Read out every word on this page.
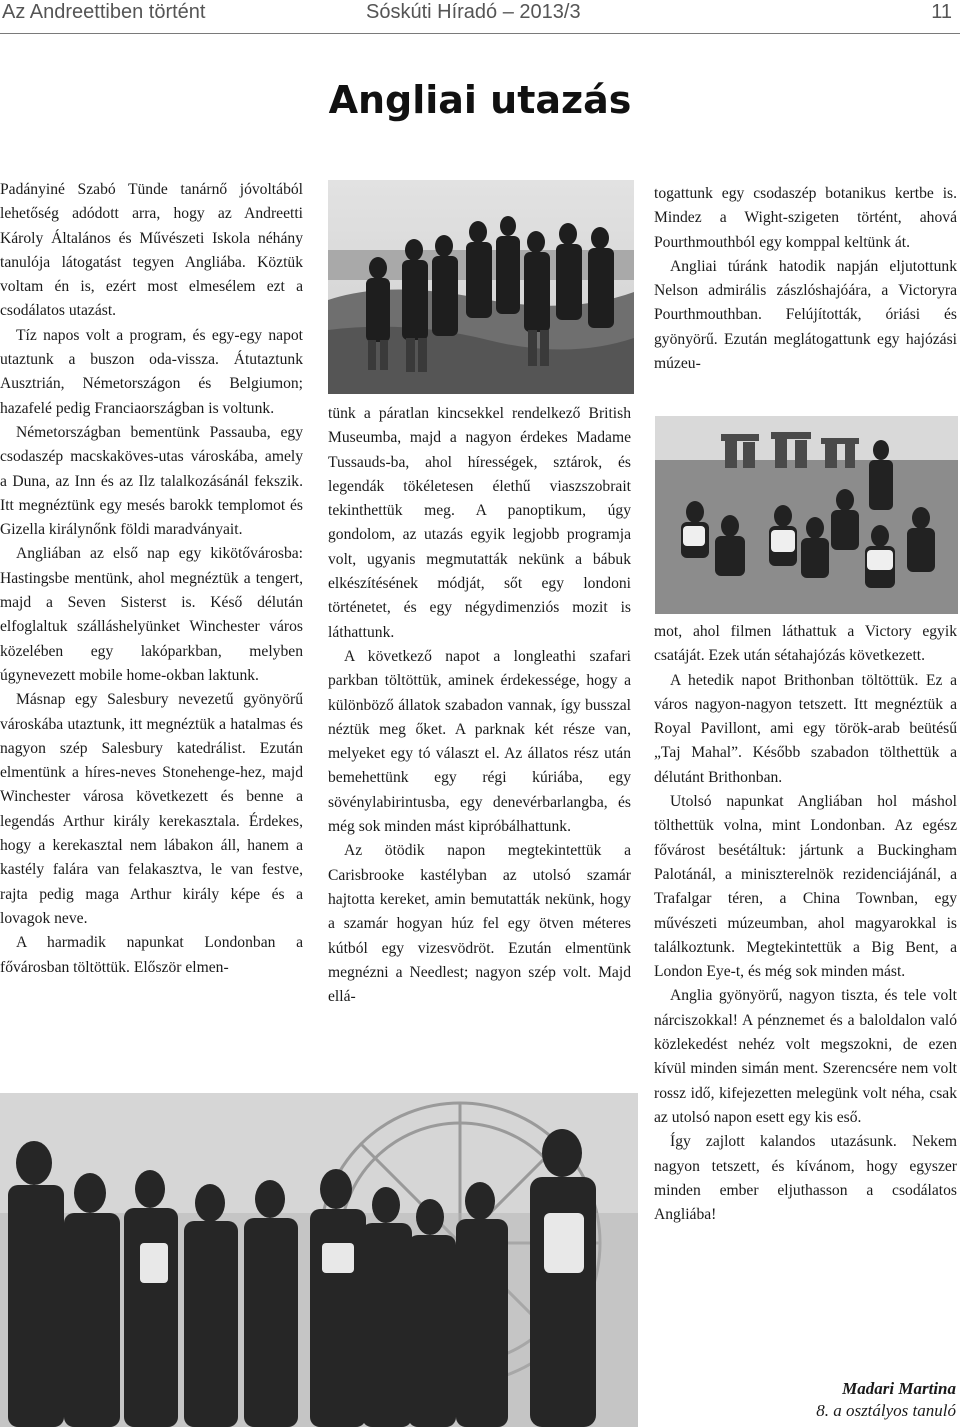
Az Andreettiben történt	Sóskúti Híradó – 2013/3	11
Angliai utazás

Padányiné Szabó Tünde tanárnő jóvoltából lehetőség adódott arra, hogy az Andreetti Károly Általános és Művészeti Iskola néhány tanulója látogatást tegyen Angliába. Köztük voltam én is, ezért most elmesélem ezt a csodálatos utazást.

Tíz napos volt a program, és egy-egy napot utaztunk a buszon oda-vissza. Átutaztunk Ausztrián, Németországon és Belgiumon; hazafelé pedig Franciaországban is voltunk.

Németországban bementünk Passauba, egy csodaszép macskaköves-utas városkába, amely a Duna, az Inn és az Ilz talalkozásánál fekszik. Itt megnéztünk egy mesés barokk templomot és Gizella királynőnk földi maradványait.

Angliában az első nap egy kikötővárosba: Hastingsbe mentünk, ahol megnéztük a tengert, majd a Seven Sisterst is. Késő délután elfoglaltuk szálláshelyünket Winchester város közelében egy lakóparkban, melyben úgynevezett mobile home-okban laktunk.

Másnap egy Salesbury nevezetű gyönyörű városkába utaztunk, itt megnéztük a hatalmas és nagyon szép Salesbury katedrálist. Ezután elmentünk a híres-neves Stonehenge-hez, majd Winchester városa következett és benne a legendás Arthur király kerekasztala. Érdekes, hogy a kerekasztal nem lábakon áll, hanem a kastély falára van felakasztva, le van festve, rajta pedig maga Arthur király képe és a lovagok neve.

A harmadik napunkat Londonban a fővárosban töltöttük. Először elmen-

tünk a páratlan kincsekkel rendelkező British Museumba, majd a nagyon érdekes Madame Tussauds-ba, ahol hírességek, sztárok, és legendák tökéletesen élethű viaszszobrait tekinthettük meg. A panoptikum, úgy gondolom, az utazás egyik legjobb programja volt, ugyanis megmutatták nekünk a bábuk elkészítésének módját, sőt egy londoni történetet, és egy négydimenziós mozit is láthattunk.

A következő napot a longleathi szafari parkban töltöttük, aminek érdekessége, hogy a különböző állatok szabadon vannak, így busszal néztük meg őket. A parknak két része van, melyeket egy tó választ el. Az állatos rész után bemehettünk egy régi kúriába, egy sövénylabirintusba, egy denevérbarlangba, és még sok minden mást kipróbálhattunk.

Az ötödik napon megtekintettük a Carisbrooke kastélyban az utolsó szamár hajtotta kereket, amin bemutatták nekünk, hogy a szamár hogyan húz fel egy ötven méteres kútból egy vizesvödröt. Ezután elmentünk megnézni a Needlest; nagyon szép volt. Majd ellá-

togattunk egy csodaszép botanikus kertbe is. Mindez a Wight-szigeten történt, ahová Pourthmouthból egy komppal keltünk át.

Angliai túránk hatodik napján eljutottunk Nelson admirális zászlóshajóára, a Victoryra Pourthmouthban. Felújították, óriási és gyönyörű. Ezután meglátogattunk egy hajózási múzeu-

mot, ahol filmen láthattuk a Victory egyik csatáját. Ezek után sétahajózás következett.

A hetedik napot Brithonban töltöttük. Ez a város nagyon-nagyon tetszett. Itt megnéztük a Royal Pavillont, ami egy török-arab beütésű „Taj Mahal”. Később szabadon tölthettük a délutánt Brithonban.

Utolsó napunkat Angliában hol máshol tölthettük volna, mint Londonban. Az egész fővárost besétáltuk: jártunk a Buckingham Palotánál, a miniszterelnök rezidenciájánál, a Trafalgar téren, a China Townban, egy művészeti múzeumban, ahol magyarokkal is találkoztunk. Megtekintettük a Big Bent, a London Eye-t, és még sok minden mást.

Anglia gyönyörű, nagyon tiszta, és tele volt nárciszokkal! A pénznemet és a baloldalon való közlekedést nehéz volt megszokni, de ezen kívül minden simán ment. Szerencsére nem volt rossz idő, kifejezetten melegünk volt néha, csak az utolsó napon esett egy kis eső.

Így zajlott kalandos utazásunk. Nekem nagyon tetszett, és kívánom, hogy egyszer minden ember eljuthasson a csodálatos Angliába!

Madari Martina
8. a osztályos tanuló
